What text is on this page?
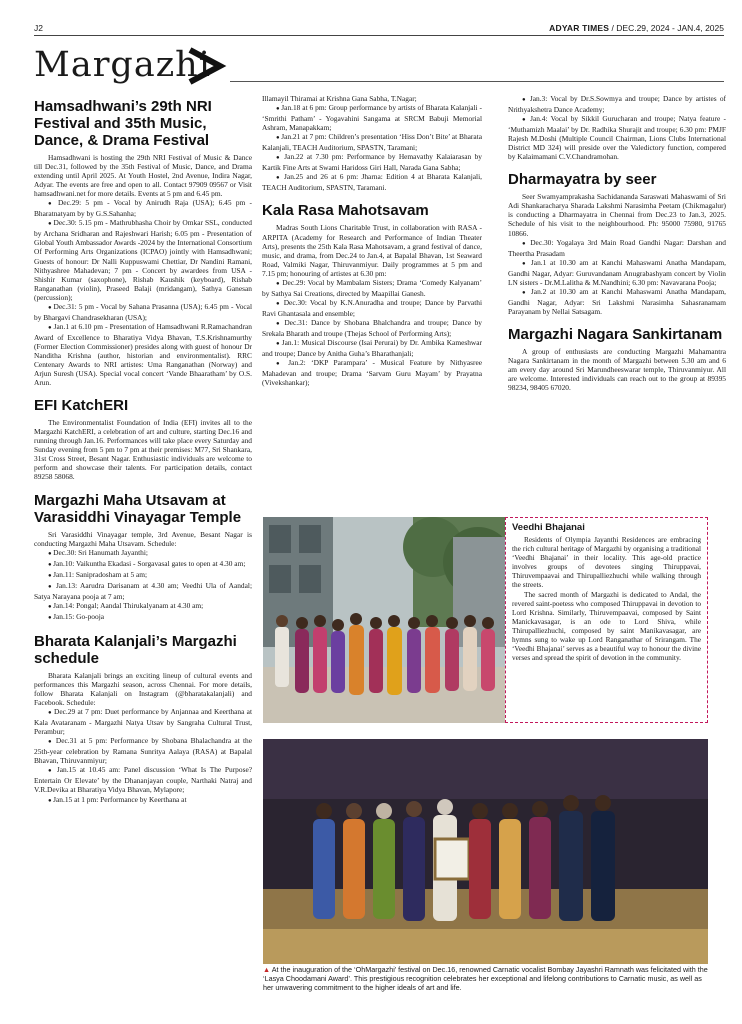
J2	ADYAR TIMES / DEC.29, 2024 - JAN.4, 2025
Margazhi
Hamsadhwani’s 29th NRI Festival and 35th Music, Dance, & Drama Festival

Hamsadhwani is hosting the 29th NRI Festival of Music & Dance till Dec.31, followed by the 35th Festival of Music, Dance, and Drama extending until April 2025. At Youth Hostel, 2nd Avenue, Indira Nagar, Adyar. The events are free and open to all. Contact 97909 09567 or Visit hamsadhwani.net for more details. Events at 5 pm and 6.45 pm.

● Dec.29: 5 pm - Vocal by Anirudh Raja (USA); 6.45 pm - Bharatnatyam by by G.S.Sahanha;

● Dec.30: 5.15 pm - Mathrubhasha Choir by Omkar SSL, conducted by Archana Sridharan and Rajeshwari Harish; 6.05 pm - Presentation of Global Youth Ambassador Awards -2024 by the International Consortium Of Performing Arts Organizations (ICPAO) jointly with Hamsadhwani; Guests of honour: Dr Nalli Kuppuswami Chettiar, Dr Nandini Ramani, Nithyashree Mahadevan; 7 pm - Concert by awardees from USA - Shishir Kumar (saxophone), Rishab Kaushik (keyboard), Rishab Ranganathan (violin), Praseed Balaji (mridangam), Sathya Ganesan (percussion);

● Dec.31: 5 pm - Vocal by Sahana Prasanna (USA); 6.45 pm - Vocal by Bhargavi Chandrasekharan (USA);

● Jan.1 at 6.10 pm - Presentation of Hamsadhwani R.Ramachandran Award of Excellence to Bharatiya Vidya Bhavan, T.S.Krishnamurthy (Former Election Commissioner) presides along with guest of honour Dr Nanditha Krishna (author, historian and environmentalist). RRC Centenary Awards to NRI artistes: Uma Ranganathan (Norway) and Arjun Suresh (USA). Special vocal concert ‘Vande Bhaaratham’ by O.S. Arun.

EFI KatchERI

The Environmentalist Foundation of India (EFI) invites all to the Margazhi KatchERI, a celebration of art and culture, starting Dec.16 and running through Jan.16. Performances will take place every Saturday and Sunday evening from 5 pm to 7 pm at their premises: M77, Sri Shankara, 31st Cross Street, Besant Nagar. Enthusiastic individuals are welcome to perform and showcase their talents. For participation details, contact 89258 58068.

Margazhi Maha Utsavam at Varasiddhi Vinayagar Temple

Sri Varasiddhi Vinayagar temple, 3rd Avenue, Besant Nagar is conducting Margazhi Maha Utsavam. Schedule:

● Dec.30: Sri Hanumath Jayanthi;

● Jan.10: Vaikuntha Ekadasi - Sorgavasal gates to open at 4.30 am;

● Jan.11: Sanipradosham at 5 am;

● Jan.13: Aarudra Darisanam at 4.30 am; Veedhi Ula of Aandal; Satya Narayana pooja at 7 am;

● Jan.14: Pongal; Aandal Thirukalyanam at 4.30 am;

● Jan.15: Go-pooja

Bharata Kalanjali’s Margazhi schedule

Bharata Kalanjali brings an exciting lineup of cultural events and performances this Margazhi season, across Chennai. For more details, follow Bharata Kalanjali on Instagram (@bharatakalanjali) and Facebook. Schedule:

● Dec.29 at 7 pm: Duet performance by Anjannaa and Keerthana at Kala Avataranam - Margazhi Natya Utsav by Sangraha Cultural Trust, Perambur;

● Dec.31 at 5 pm: Performance by Shobana Bhalachandra at the 25th-year celebration by Ramana Sunritya Aalaya (RASA) at Bapalal Bhavan, Thiruvanmiyur;

● Jan.15 at 10.45 am: Panel discussion ‘What Is The Purpose? Entertain Or Elevate’ by the Dhananjayan couple, Narthaki Natraj and V.R.Devika at Bharatiya Vidya Bhavan, Mylapore;

● Jan.15 at 1 pm: Performance by Keerthana at

Illamayil Thiramai at Krishna Gana Sabha, T.Nagar;

● Jan.18 at 6 pm: Group performance by artists of Bharata Kalanjali - ‘Smrithi Patham’ - Yogavahini Sangama at SRCM Babuji Memorial Ashram, Manapakkam;

● Jan.21 at 7 pm: Children’s presentation ‘Hiss Don’t Bite’ at Bharata Kalanjali, TEACH Auditorium, SPASTN, Taramani;

● Jan.22 at 7.30 pm: Performance by Hemavathy Kalaiarasan by Kartik Fine Arts at Swami Haridoss Giri Hall, Narada Gana Sabha;

● Jan.25 and 26 at 6 pm: Jharna: Edition 4 at Bharata Kalanjali, TEACH Auditorium, SPASTN, Taramani.

Kala Rasa Mahotsavam

Madras South Lions Charitable Trust, in collaboration with RASA - ARPITA (Academy for Research and Performance of Indian Theater Arts), presents the 25th Kala Rasa Mahotsavam, a grand festival of dance, music, and drama, from Dec.24 to Jan.4, at Bapalal Bhavan, 1st Seaward Road, Valmiki Nagar, Thiruvanmiyur. Daily programmes at 5 pm and 7.15 pm; honouring of artistes at 6.30 pm:

● Dec.29: Vocal by Mambalam Sisters; Drama ‘Comedy Kalyanam’ by Sathya Sai Creations, directed by Maapillai Ganesh.

● Dec.30: Vocal by K.N.Anuradha and troupe; Dance by Parvathi Ravi Ghantasala and ensemble;

● Dec.31: Dance by Shobana Bhalchandra and troupe; Dance by Srekala Bharath and troupe (Thejas School of Performing Arts);

● Jan.1: Musical Discourse (Isai Perurai) by Dr. Ambika Kameshwar and troupe; Dance by Anitha Guha’s Bharathanjali;

● Jan.2: ‘DKP Parampara’ - Musical Feature by Nithyasree Mahadevan and troupe; Drama ‘Sarvam Guru Mayam’ by Prayatna (Vivekshankar);

● Jan.3: Vocal by Dr.S.Sowmya and troupe; Dance by artistes of Nrithyakshetra Dance Academy;

● Jan.4: Vocal by Sikkil Gurucharan and troupe; Natya feature - ‘Muthamizh Maalai’ by Dr. Radhika Shurajit and troupe; 6.30 pm: PMJF Rajesh M.Doshi (Multiple Council Chairman, Lions Clubs International District MD 324) will preside over the Valedictory function, compered by Kalaimamani C.V.Chandramohan.

Dharmayatra by seer

Seer Swamyamprakasha Sachidananda Saraswati Mahaswami of Sri Adi Shankaracharya Sharada Lakshmi Narasimha Peetam (Chikmagalur) is conducting a Dharmayatra in Chennai from Dec.23 to Jan.3, 2025. Schedule of his visit to the neighbourhood. Ph: 95000 75980, 91765 10866.

● Dec.30: Yogalaya 3rd Main Road Gandhi Nagar: Darshan and Theertha Prasadam

● Jan.1 at 10.30 am at Kanchi Mahaswami Anatha Mandapam, Gandhi Nagar, Adyar: Guruvandanam Anugrabashyam concert by Violin LN sisters - Dr.M.Lalitha & M.Nandhini; 6.30 pm: Navavarana Pooja;

● Jan.2 at 10.30 am at Kanchi Mahaswami Anatha Mandapam, Gandhi Nagar, Adyar: Sri Lakshmi Narasimha Sahasranamam Parayanam by Nellai Satsagam.

Margazhi Nagara Sankirtanam

A group of enthusiasts are conducting Margazhi Mahamantra Nagara Sankirtanam in the month of Margazhi between 5.30 am and 6 am every day around Sri Marundheeswarar temple, Thiruvanmiyur. All are welcome. Interested individuals can reach out to the group at 89395 98234, 98405 67020.

Veedhi Bhajanai

Residents of Olympia Jayanthi Residences are embracing the rich cultural heritage of Margazhi by organising a traditional ‘Veedhi Bhajanai’ in their locality. This age-old practice involves groups of devotees singing Thiruppavai, Thiruvempaavai and Thirupalliezhuchi while walking through the streets.

The sacred month of Margazhi is dedicated to Andal, the revered saint-poetess who composed Thiruppavai in devotion to Lord Krishna. Similarly, Thiruvempaavai, composed by Saint Manickavasagar, is an ode to Lord Shiva, while Thirupalliezhuchi, composed by saint Manikavasagar, are hymns sung to wake up Lord Ranganathar of Srirangam. The ‘Veedhi Bhajanai’ serves as a beautiful way to honour the divine verses and spread the spirit of devotion in the community.

▲ At the inauguration of the ‘OhMargazhi’ festival on Dec.16, renowned Carnatic vocalist Bombay Jayashri Ramnath was felicitated with the ‘Lasya Choodamani Award’. This prestigious recognition celebrates her exceptional and lifelong contributions to Carnatic music, as well as her unwavering commitment to the higher ideals of art and life.
